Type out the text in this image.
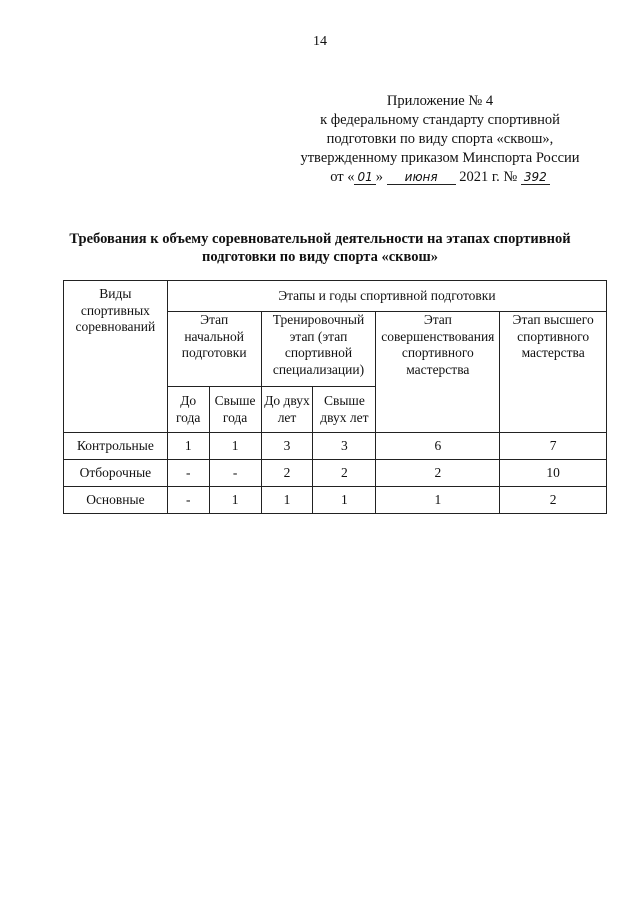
14
Приложение № 4
к федеральному стандарту спортивной
подготовки по виду спорта «сквош»,
утвержденному приказом Минспорта России
от « 01 » июня 2021 г. № 392
Требования к объему соревновательной деятельности на этапах спортивной подготовки по виду спорта «сквош»
Виды спортивных соревнований	Этапы и годы спортивной подготовки					
	Этап начальной подготовки		Тренировочный этап (этап спортивной специализации)		Этап совершенствования спортивного мастерства	Этап высшего спортивного мастерства
	До года	Свыше года	До двух лет	Свыше двух лет		
Контрольные	1	1	3	3	6	7
Отборочные	-	-	2	2	2	10
Основные	-	1	1	1	1	2
